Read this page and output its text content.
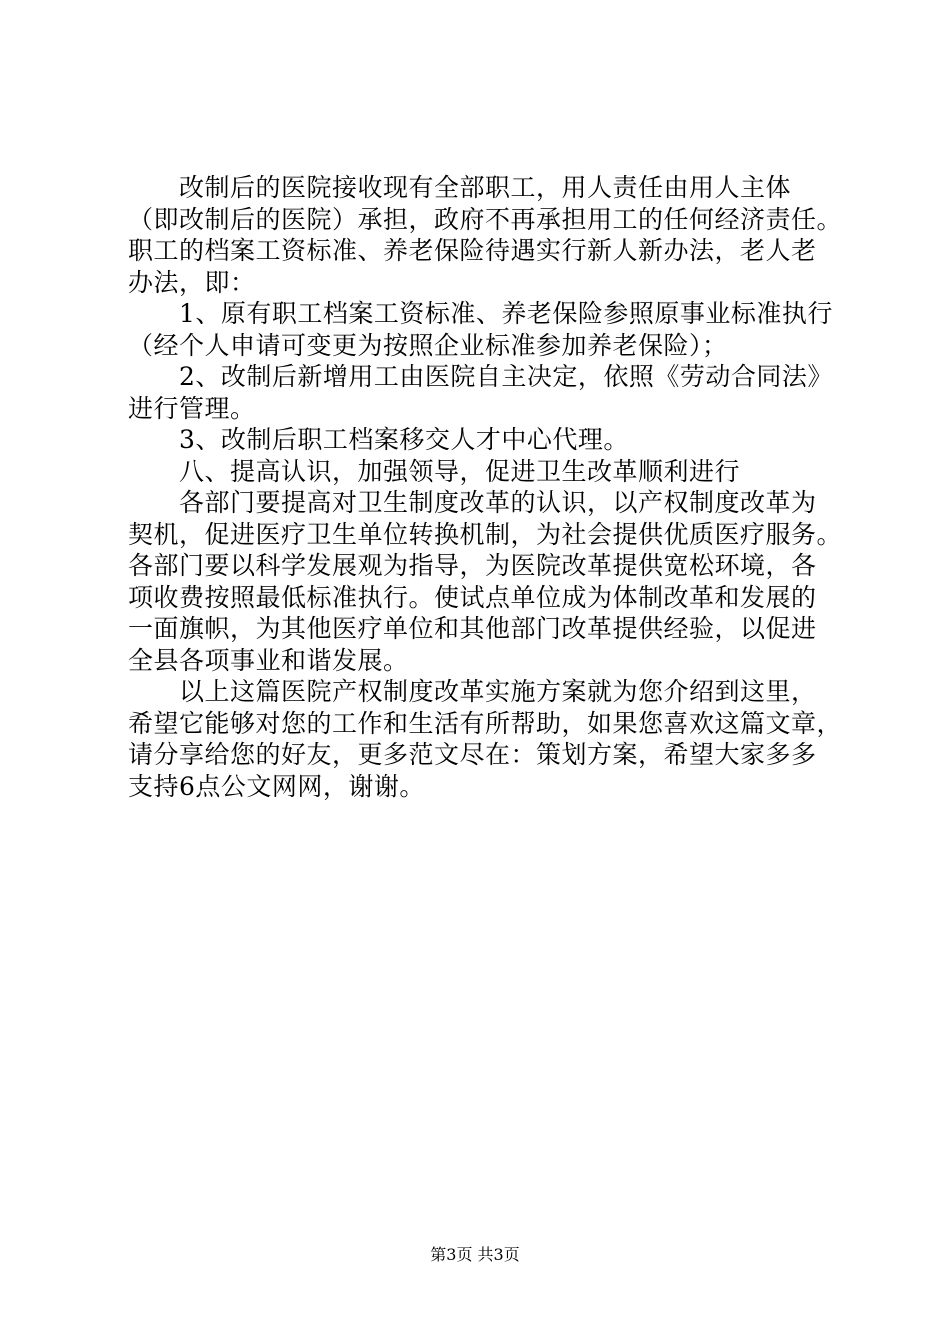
　　改制后的医院接收现有全部职工，用人责任由用人主体
（即改制后的医院）承担，政府不再承担用工的任何经济责任。
职工的档案工资标准、养老保险待遇实行新人新办法，老人老
办法，即：
　　1、原有职工档案工资标准、养老保险参照原事业标准执行
（经个人申请可变更为按照企业标准参加养老保险）；
　　2、改制后新增用工由医院自主决定，依照《劳动合同法》
进行管理。
　　3、改制后职工档案移交人才中心代理。
　　八、提高认识，加强领导，促进卫生改革顺利进行
　　各部门要提高对卫生制度改革的认识，以产权制度改革为
契机，促进医疗卫生单位转换机制，为社会提供优质医疗服务。
各部门要以科学发展观为指导，为医院改革提供宽松环境，各
项收费按照最低标准执行。使试点单位成为体制改革和发展的
一面旗帜，为其他医疗单位和其他部门改革提供经验，以促进
全县各项事业和谐发展。
　　以上这篇医院产权制度改革实施方案就为您介绍到这里，
希望它能够对您的工作和生活有所帮助，如果您喜欢这篇文章，
请分享给您的好友，更多范文尽在：策划方案，希望大家多多
支持6点公文网网，谢谢。
第3页 共3页
